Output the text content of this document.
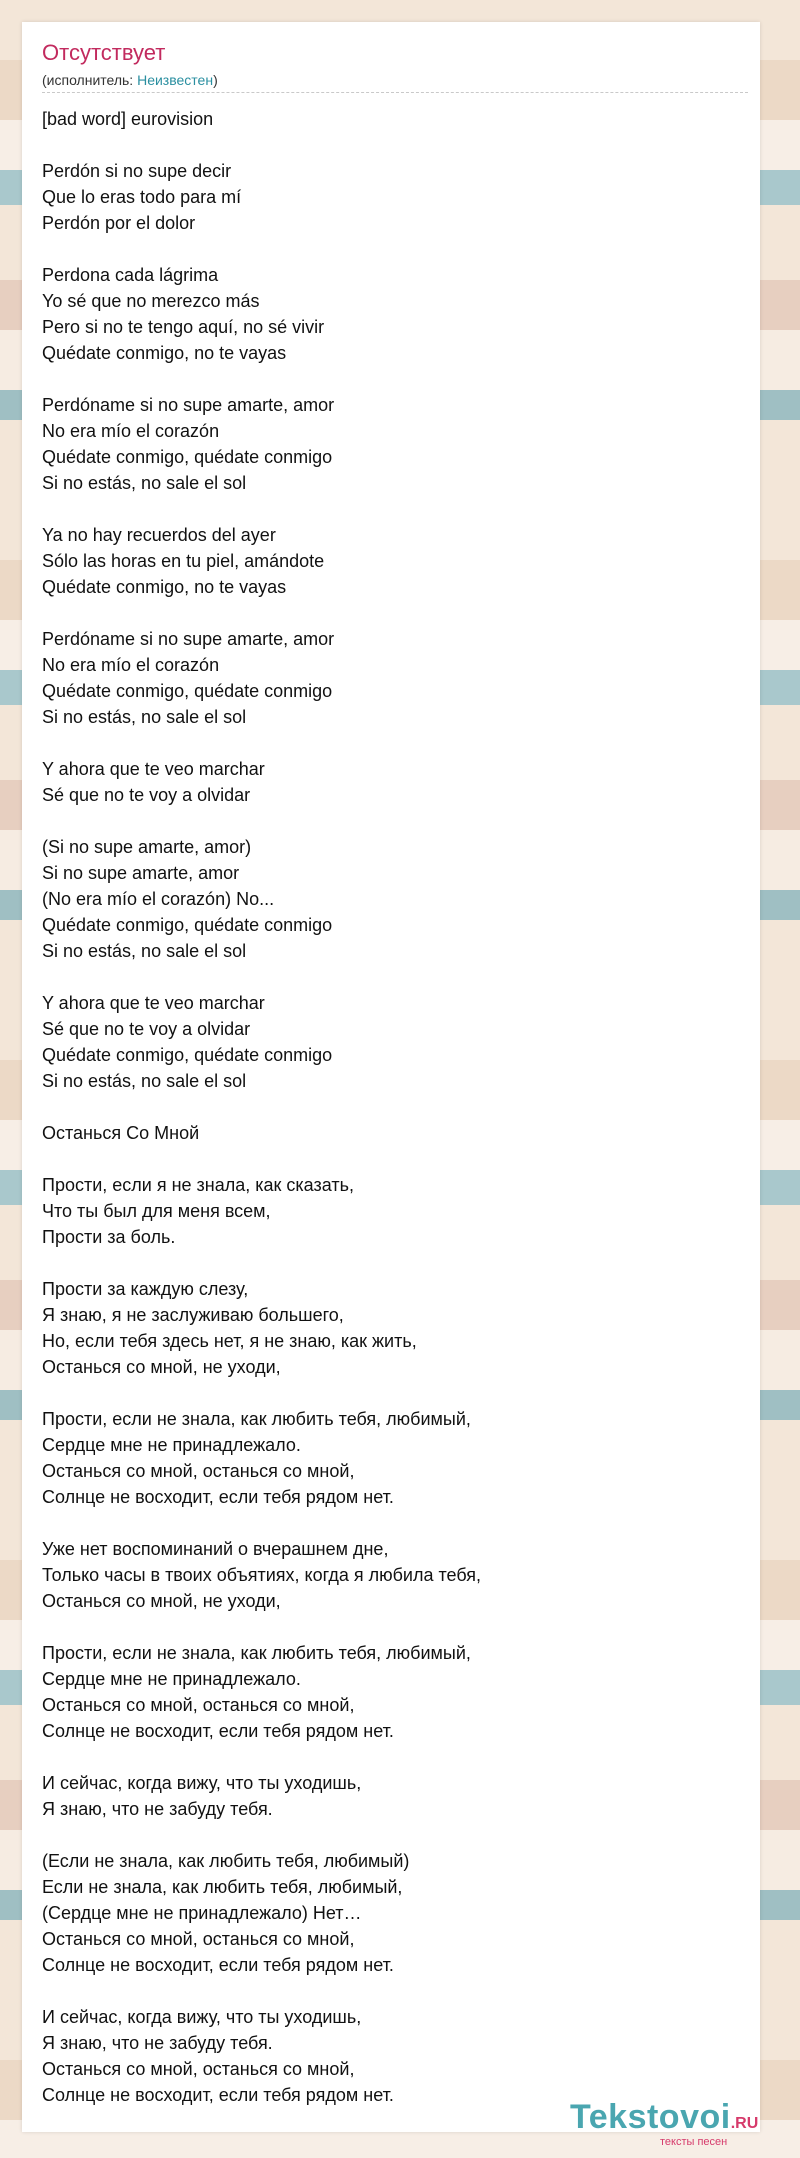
Отсутствует
(исполнитель: Неизвестен)
[bad word] eurovision
Perdón si no supe decir
Que lo eras todo para mí
Perdón por el dolor
Perdona cada lágrima
Yo sé que no merezco más
Pero si no te tengo aquí, no sé vivir
Quédate conmigo, no te vayas
Perdóname si no supe amarte, amor
No era mío el corazón
Quédate conmigo, quédate conmigo
Si no estás, no sale el sol
Ya no hay recuerdos del ayer
Sólo las horas en tu piel, amándote
Quédate conmigo, no te vayas
Perdóname si no supe amarte, amor
No era mío el corazón
Quédate conmigo, quédate conmigo
Si no estás, no sale el sol
Y ahora que te veo marchar
Sé que no te voy a olvidar
(Si no supe amarte, amor)
Si no supe amarte, amor
(No era mío el corazón) No...
Quédate conmigo, quédate conmigo
Si no estás, no sale el sol
Y ahora que te veo marchar
Sé que no te voy a olvidar
Quédate conmigo, quédate conmigo
Si no estás, no sale el sol
Останься Со Мной
Прости, если я не знала, как сказать,
Что ты был для меня всем,
Прости за боль.
Прости за каждую слезу,
Я знаю, я не заслуживаю большего,
Но, если тебя здесь нет, я не знаю, как жить,
Останься со мной, не уходи,
Прости, если не знала, как любить тебя, любимый,
Сердце мне не принадлежало.
Останься со мной, останься со мной,
Солнце не восходит, если тебя рядом нет.
Уже нет воспоминаний о вчерашнем дне,
Только часы в твоих объятиях, когда я любила тебя,
Останься со мной, не уходи,
Прости, если не знала, как любить тебя, любимый,
Сердце мне не принадлежало.
Останься со мной, останься со мной,
Солнце не восходит, если тебя рядом нет.
И сейчас, когда вижу, что ты уходишь,
Я знаю, что не забуду тебя.
(Если не знала, как любить тебя, любимый)
Если не знала, как любить тебя, любимый,
(Сердце мне не принадлежало) Нет…
Останься со мной, останься со мной,
Солнце не восходит, если тебя рядом нет.
И сейчас, когда вижу, что ты уходишь,
Я знаю, что не забуду тебя.
Останься со мной, останься со мной,
Солнце не восходит, если тебя рядом нет.
Tekstovoi.RU
тексты песен
